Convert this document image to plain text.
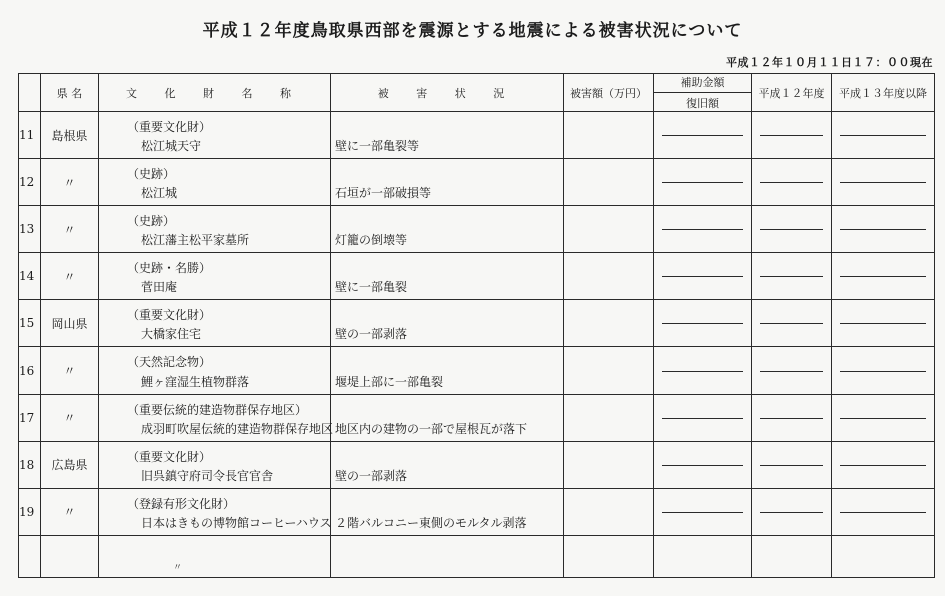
平成１２年度鳥取県西部を震源とする地震による被害状況について
平成１２年１０月１１日１７：００現在
	県 名	文 化 財 名 称	被 害 状 況	被害額（万円）	補助金額
復旧額	平成１２年度	平成１３年度以降
11	島根県	（重要文化財）
松江城天守	壁に一部亀裂等				

12	〃	（史跡）
松江城	石垣が一部破損等				

13	〃	（史跡）
松江藩主松平家墓所	灯籠の倒壊等				

14	〃	（史跡・名勝）
菅田庵	壁に一部亀裂				

15	岡山県	（重要文化財）
大橋家住宅	壁の一部剥落				

16	〃	（天然記念物）
鯉ヶ窪湿生植物群落	堰堤上部に一部亀裂				

17	〃	（重要伝統的建造物群保存地区）
成羽町吹屋伝統的建造物群保存地区	地区内の建物の一部で屋根瓦が落下				

18	広島県	（重要文化財）
旧呉鎮守府司令長官官舎	壁の一部剥落				

19	〃	（登録有形文化財）
日本はきもの博物館コーヒーハウス	２階バルコニー東側のモルタル剥落				

		〃					
